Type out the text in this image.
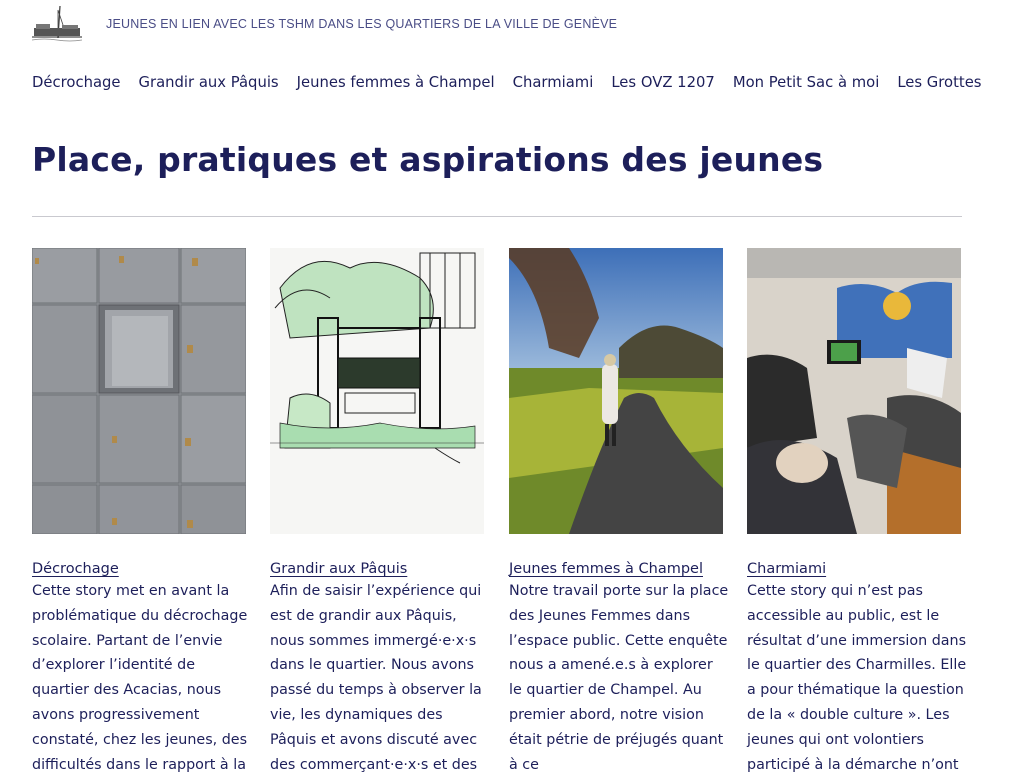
JEUNES EN LIEN AVEC LES TSHM DANS LES QUARTIERS DE LA VILLE DE GENÈVE
Décrochage Grandir aux Pâquis Jeunes femmes à Champel Charmiami Les OVZ 1207 Mon Petit Sac à moi Les Grottes
Place, pratiques et aspirations des jeunes
Décrochage

Cette story met en avant la problématique du décrochage scolaire. Partant de l’envie d’explorer l’identité de quartier des Acacias, nous avons progressivement constaté, chez les jeunes, des difficultés dans le rapport à la

Grandir aux Pâquis

Afin de saisir l’expérience qui est de grandir aux Pâquis, nous sommes immergé·e·x·s dans le quartier. Nous avons passé du temps à observer la vie, les dynamiques des Pâquis et avons discuté avec des commerçant·e·x·s et des

Jeunes femmes à Champel

Notre travail porte sur la place des Jeunes Femmes dans l’espace public. Cette enquête nous a amené.e.s à explorer le quartier de Champel. Au premier abord, notre vision était pétrie de préjugés quant à ce

Charmiami

Cette story qui n’est pas accessible au public, est le résultat d’une immersion dans le quartier des Charmilles. Elle a pour thématique la question de la « double culture ». Les jeunes qui ont volontiers participé à la démarche n’ont
